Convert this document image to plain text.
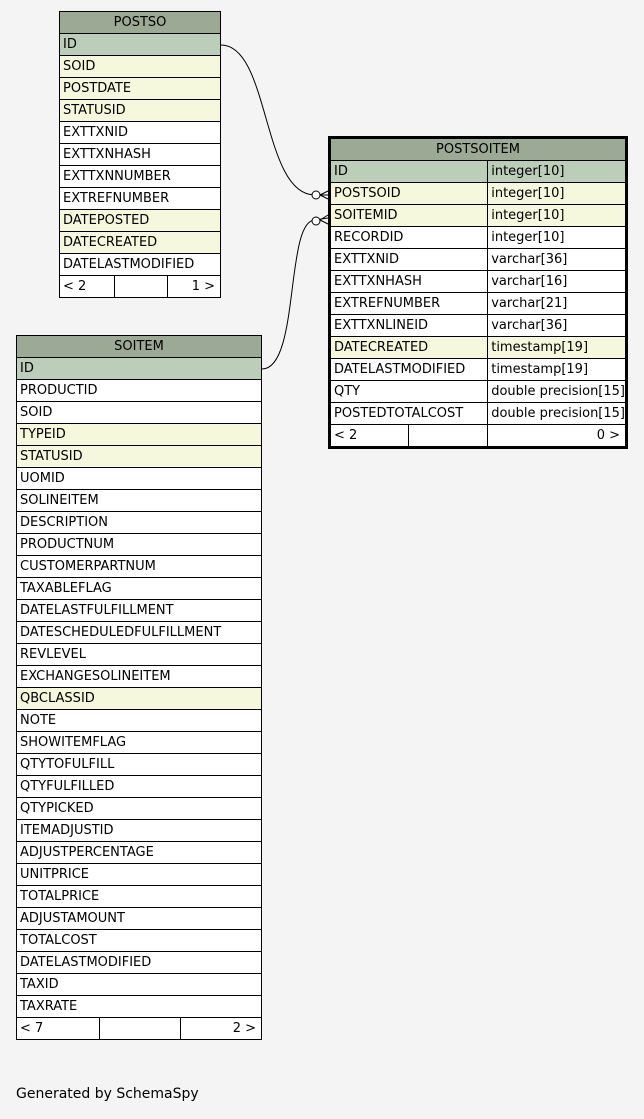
POSTSO
ID
SOID
POSTDATE
STATUSID
EXTTXNID
EXTTXNHASH
EXTTXNNUMBER
EXTREFNUMBER
DATEPOSTED
DATECREATED
DATELASTMODIFIED
< 2		1 >
POSTSOITEM		
ID		integer[10]
POSTSOID		integer[10]
SOITEMID		integer[10]
RECORDID		integer[10]
EXTTXNID		varchar[36]
EXTTXNHASH		varchar[16]
EXTREFNUMBER		varchar[21]
EXTTXNLINEID		varchar[36]
DATECREATED		timestamp[19]
DATELASTMODIFIED		timestamp[19]
QTY		double precision[15]
POSTEDTOTALCOST		double precision[15]
< 2		0 >
SOITEM
ID
PRODUCTID
SOID
TYPEID
STATUSID
UOMID
SOLINEITEM
DESCRIPTION
PRODUCTNUM
CUSTOMERPARTNUM
TAXABLEFLAG
DATELASTFULFILLMENT
DATESCHEDULEDFULFILLMENT
REVLEVEL
EXCHANGESOLINEITEM
QBCLASSID
NOTE
SHOWITEMFLAG
QTYTOFULFILL
QTYFULFILLED
QTYPICKED
ITEMADJUSTID
ADJUSTPERCENTAGE
UNITPRICE
TOTALPRICE
ADJUSTAMOUNT
TOTALCOST
DATELASTMODIFIED
TAXID
TAXRATE
< 7		2 >
Generated by SchemaSpy
